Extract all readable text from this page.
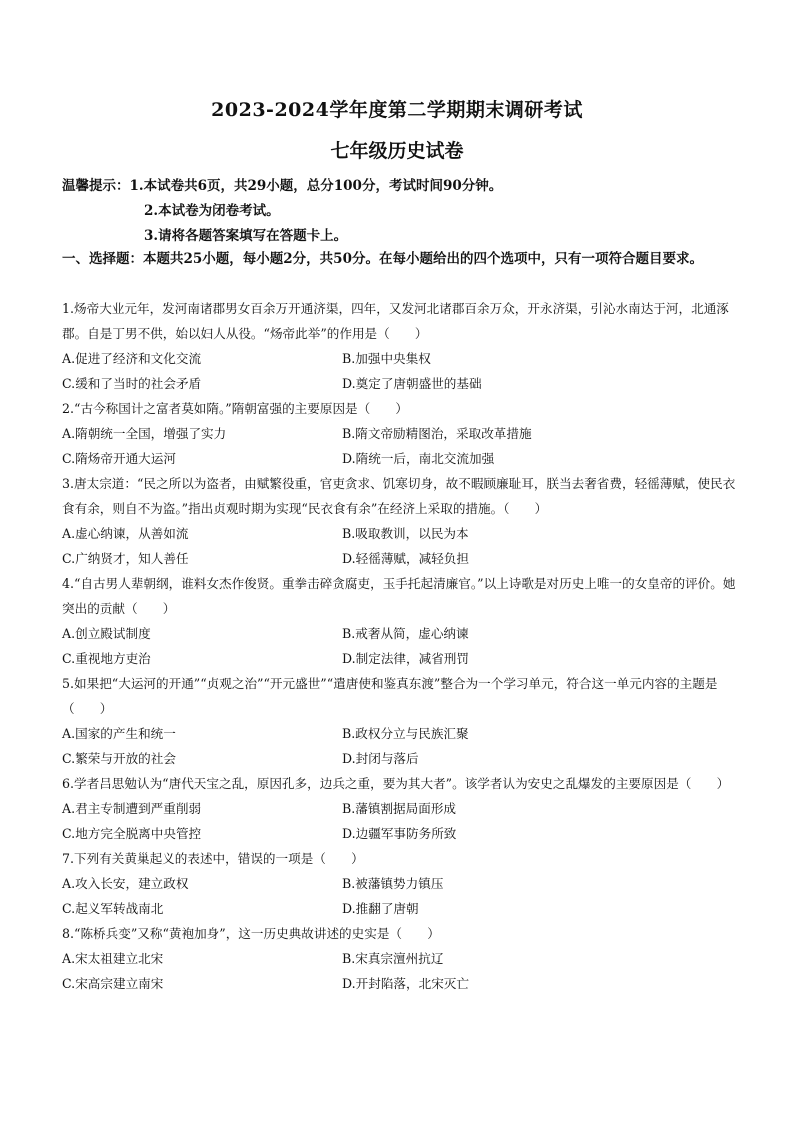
2023-2024学年度第二学期期末调研考试
七年级历史试卷
温馨提示：1.本试卷共6页，共29小题，总分100分，考试时间90分钟。
2.本试卷为闭卷考试。
3.请将各题答案填写在答题卡上。
一、选择题：本题共25小题，每小题2分，共50分。在每小题给出的四个选项中，只有一项符合题目要求。

1.炀帝大业元年，发河南诸郡男女百余万开通济渠，四年，又发河北诸郡百余万众，开永济渠，引沁水南达于河，北通涿郡。自是丁男不供，始以妇人从役。“炀帝此举”的作用是（　　）

A.促进了经济和文化交流	B.加强中央集权
C.缓和了当时的社会矛盾	D.奠定了唐朝盛世的基础

2.“古今称国计之富者莫如隋。”隋朝富强的主要原因是（　　）

A.隋朝统一全国，增强了实力	B.隋文帝励精图治，采取改革措施
C.隋炀帝开通大运河	D.隋统一后，南北交流加强

3.唐太宗道：“民之所以为盗者，由赋繁役重，官吏贪求、饥寒切身，故不暇顾廉耻耳，朕当去奢省费，轻徭薄赋，使民衣食有余，则自不为盗。”指出贞观时期为实现“民衣食有余”在经济上采取的措施。（　　）

A.虚心纳谏，从善如流	B.吸取教训，以民为本
C.广纳贤才，知人善任	D.轻徭薄赋，减轻负担

4.“自古男人辈朝纲，谁料女杰作俊贤。重拳击碎贪腐吏，玉手托起清廉官。”以上诗歌是对历史上唯一的女皇帝的评价。她突出的贡献（　　）

A.创立殿试制度	B.戒奢从简，虚心纳谏
C.重视地方吏治	D.制定法律，减省刑罚

5.如果把“大运河的开通”“贞观之治”“开元盛世”“遣唐使和鉴真东渡”整合为一个学习单元，符合这一单元内容的主题是（　　）

A.国家的产生和统一	B.政权分立与民族汇聚
C.繁荣与开放的社会	D.封闭与落后

6.学者吕思勉认为“唐代天宝之乱，原因孔多，边兵之重，要为其大者”。该学者认为安史之乱爆发的主要原因是（　　）

A.君主专制遭到严重削弱	B.藩镇割据局面形成
C.地方完全脱离中央管控	D.边疆军事防务所致

7.下列有关黄巢起义的表述中，错误的一项是（　　）

A.攻入长安，建立政权	B.被藩镇势力镇压
C.起义军转战南北	D.推翻了唐朝

8.“陈桥兵变”又称“黄袍加身”，这一历史典故讲述的史实是（　　）

A.宋太祖建立北宋	B.宋真宗澶州抗辽
C.宋高宗建立南宋	D.开封陷落，北宋灭亡
